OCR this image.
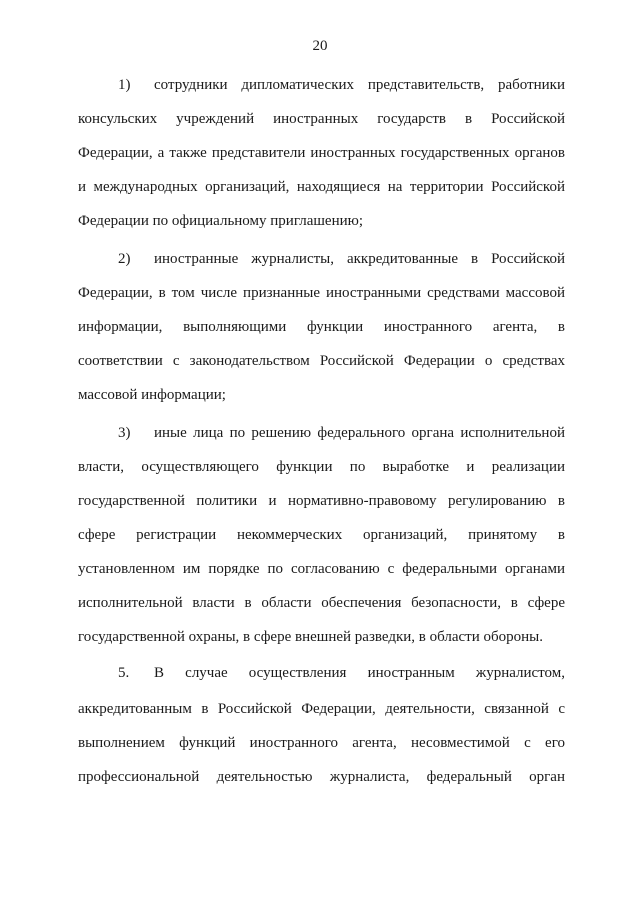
20
1) сотрудники дипломатических представительств, работники
консульских учреждений иностранных государств в Российской
Федерации, а также представители иностранных государственных органов
и международных организаций, находящиеся на территории Российской
Федерации по официальному приглашению;
2) иностранные журналисты, аккредитованные в Российской
Федерации, в том числе признанные иностранными средствами массовой
информации, выполняющими функции иностранного агента, в
соответствии с законодательством Российской Федерации о средствах
массовой информации;
3) иные лица по решению федерального органа исполнительной
власти, осуществляющего функции по выработке и реализации
государственной политики и нормативно-правовому регулированию в
сфере регистрации некоммерческих организаций, принятому в
установленном им порядке по согласованию с федеральными органами
исполнительной власти в области обеспечения безопасности, в сфере
государственной охраны, в сфере внешней разведки, в области обороны.
5. В случае осуществления иностранным журналистом,
аккредитованным в Российской Федерации, деятельности, связанной с
выполнением функций иностранного агента, несовместимой с его
профессиональной деятельностью журналиста, федеральный орган
